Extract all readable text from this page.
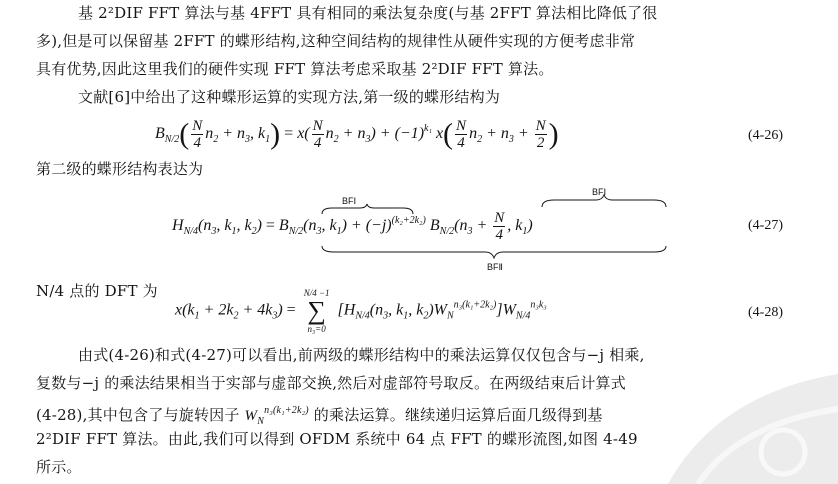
基 2²DIF FFT 算法与基 4FFT 具有相同的乘法复杂度(与基 2FFT 算法相比降低了很
多),但是可以保留基 2FFT 的蝶形结构,这种空间结构的规律性从硬件实现的方便考虑非常
具有优势,因此这里我们的硬件实现 FFT 算法考虑采取基 2²DIF FFT 算法。
文献[6]中给出了这种蝶形运算的实现方法,第一级的蝶形结构为
$B_{N/2}( \frac{N}{4} n_2 + n_3$, $k_1) = x( \frac{N}{4} n_2 + n_3) + (-1)^{k_1}$ $x( \frac{N}{4} n_2 + n_3 + \frac{N}{2}$ )	(4-26)
第二级的蝶形结构表达为
BFⅠ
BFⅠ
$H_{N/4}(n_3$, $k_1$, $k_2) = B_{N/2}(n_3$, $k_1) + (-j)^{(k_2+2k_2)}$ $B_{N/2}(n_3 + \frac{N}{4}$ , $k_1$)
BFⅡ
(4-27)
N/4 点的 DFT 为
$x(k_1 + 2k_2 + 4k_3)$ =
N/4 −1
∑
n₃=0
[$H_{N/4}(n_3$, $k_1$, $k_2)W_N^{n_3(k_1+2k_2)}]W_{N/4}^{n_3k_3}$	(4-28)
由式(4-26)和式(4-27)可以看出,前两级的蝶形结构中的乘法运算仅仅包含与−j 相乘,
复数与−j 的乘法结果相当于实部与虚部交换,然后对虚部符号取反。在两级结束后计算式
(4-28),其中包含了与旋转因子 $W_N^{n_3(k_1+2k_2)}$ 的乘法运算。继续递归运算后面几级得到基
2²DIF FFT 算法。由此,我们可以得到 OFDM 系统中 64 点 FFT 的蝶形流图,如图 4-49
所示。
